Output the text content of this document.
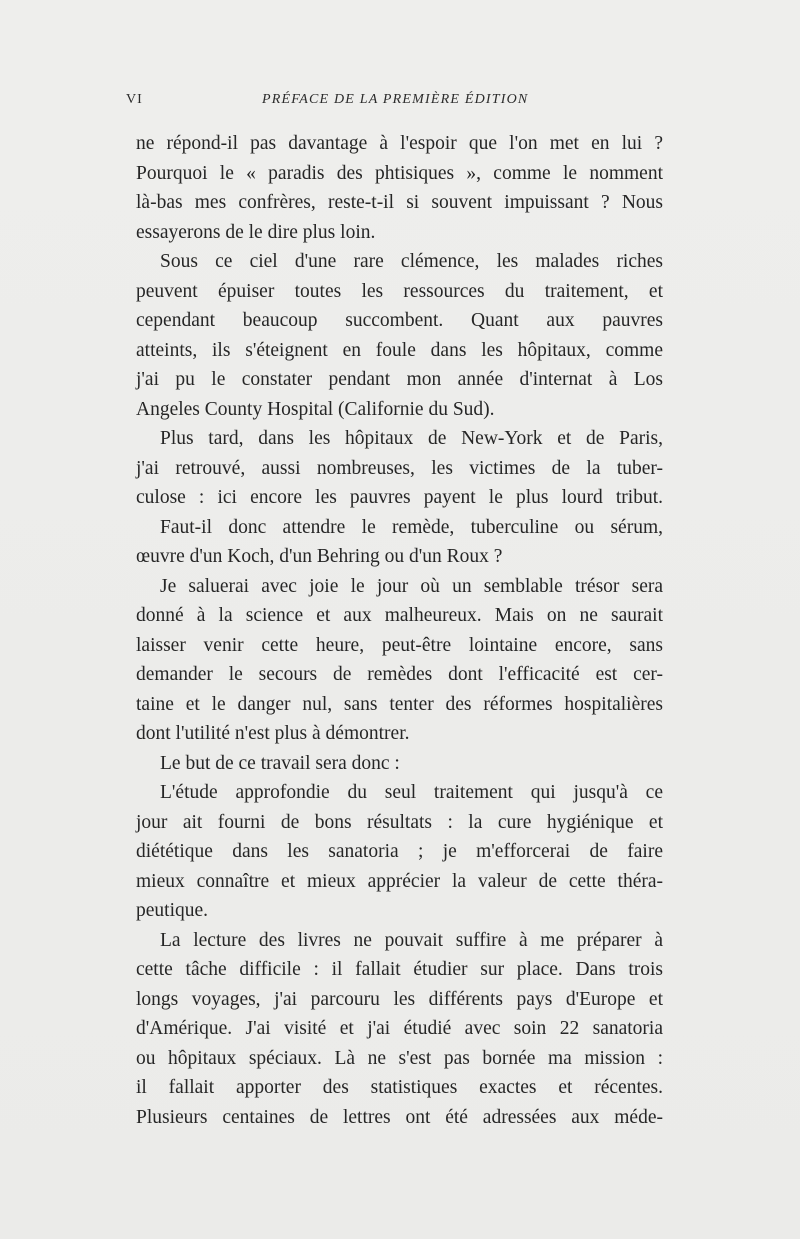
VI	PRÉFACE DE LA PREMIÈRE ÉDITION
ne répond-il pas davantage à l'espoir que l'on met en lui ?
Pourquoi le « paradis des phtisiques », comme le nomment
là-bas mes confrères, reste-t-il si souvent impuissant ? Nous
essayerons de le dire plus loin.
Sous ce ciel d'une rare clémence, les malades riches
peuvent épuiser toutes les ressources du traitement, et
cependant beaucoup succombent. Quant aux pauvres
atteints, ils s'éteignent en foule dans les hôpitaux, comme
j'ai pu le constater pendant mon année d'internat à Los
Angeles County Hospital (Californie du Sud).
Plus tard, dans les hôpitaux de New-York et de Paris,
j'ai retrouvé, aussi nombreuses, les victimes de la tuber-
culose : ici encore les pauvres payent le plus lourd tribut.
Faut-il donc attendre le remède, tuberculine ou sérum,
œuvre d'un Koch, d'un Behring ou d'un Roux ?
Je saluerai avec joie le jour où un semblable trésor sera
donné à la science et aux malheureux. Mais on ne saurait
laisser venir cette heure, peut-être lointaine encore, sans
demander le secours de remèdes dont l'efficacité est cer-
taine et le danger nul, sans tenter des réformes hospitalières
dont l'utilité n'est plus à démontrer.
Le but de ce travail sera donc :
L'étude approfondie du seul traitement qui jusqu'à ce
jour ait fourni de bons résultats : la cure hygiénique et
diététique dans les sanatoria ; je m'efforcerai de faire
mieux connaître et mieux apprécier la valeur de cette théra-
peutique.
La lecture des livres ne pouvait suffire à me préparer à
cette tâche difficile : il fallait étudier sur place. Dans trois
longs voyages, j'ai parcouru les différents pays d'Europe et
d'Amérique. J'ai visité et j'ai étudié avec soin 22 sanatoria
ou hôpitaux spéciaux. Là ne s'est pas bornée ma mission :
il fallait apporter des statistiques exactes et récentes.
Plusieurs centaines de lettres ont été adressées aux méde-
